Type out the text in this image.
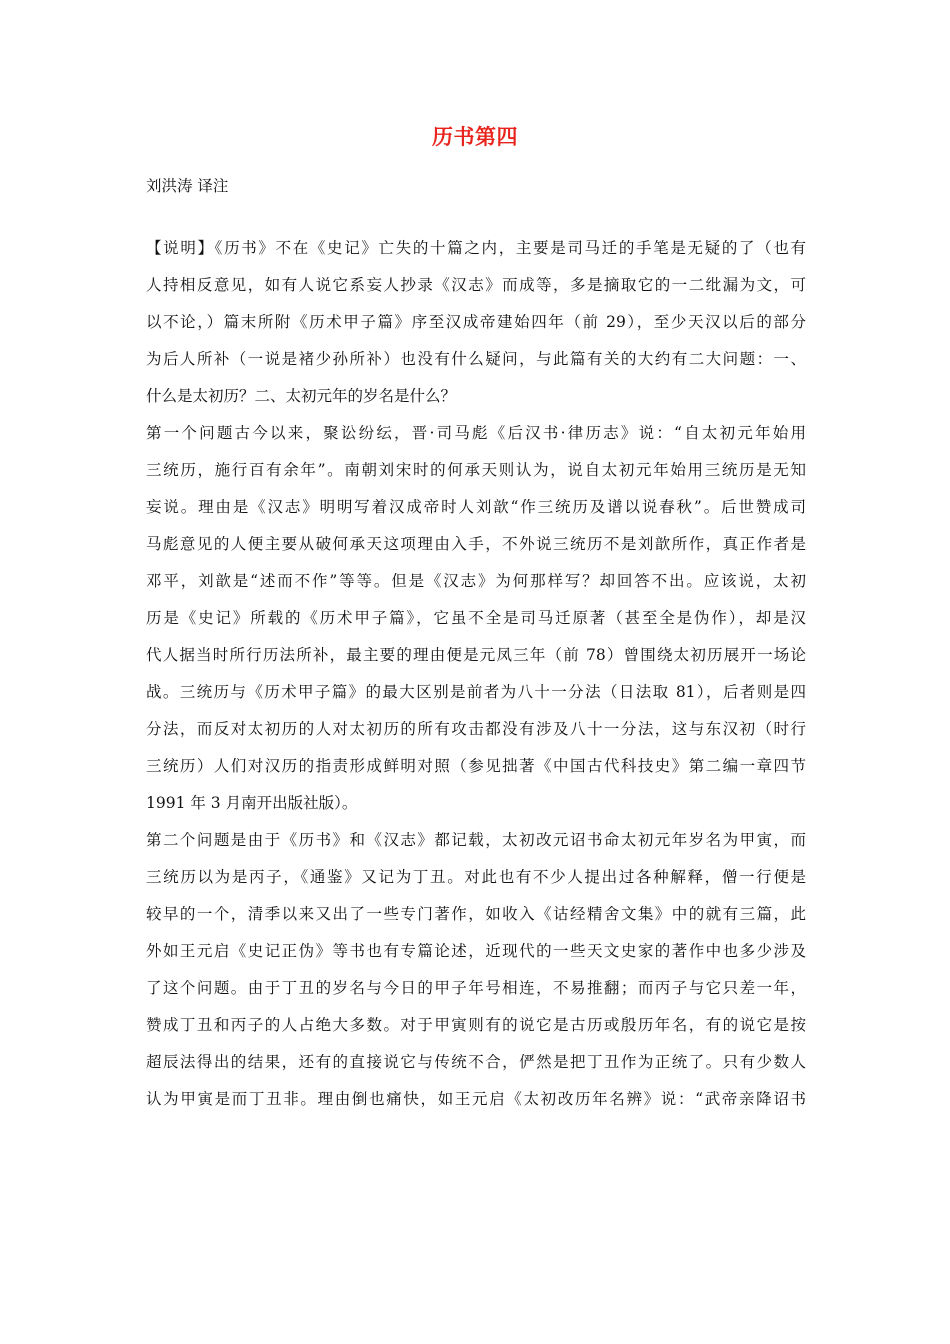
历书第四
刘洪涛 译注
【说明】《历书》不在《史记》亡失的十篇之内，主要是司马迁的手笔是无疑的了（也有
人持相反意见，如有人说它系妄人抄录《汉志》而成等，多是摘取它的一二纰漏为文，可
以不论，）篇末所附《历术甲子篇》序至汉成帝建始四年（前 29），至少天汉以后的部分
为后人所补（一说是褚少孙所补）也没有什么疑问，与此篇有关的大约有二大问题：一、
什么是太初历？二、太初元年的岁名是什么？
第一个问题古今以来，聚讼纷纭，晋·司马彪《后汉书·律历志》说：“自太初元年始用
三统历，施行百有余年”。南朝刘宋时的何承天则认为，说自太初元年始用三统历是无知
妄说。理由是《汉志》明明写着汉成帝时人刘歆“作三统历及谱以说春秋”。后世赞成司
马彪意见的人便主要从破何承天这项理由入手，不外说三统历不是刘歆所作，真正作者是
邓平，刘歆是“述而不作”等等。但是《汉志》为何那样写？却回答不出。应该说，太初
历是《史记》所载的《历术甲子篇》，它虽不全是司马迁原著（甚至全是伪作），却是汉
代人据当时所行历法所补，最主要的理由便是元凤三年（前 78）曾围绕太初历展开一场论
战。三统历与《历术甲子篇》的最大区别是前者为八十一分法（日法取 81），后者则是四
分法，而反对太初历的人对太初历的所有攻击都没有涉及八十一分法，这与东汉初（时行
三统历）人们对汉历的指责形成鲜明对照（参见拙著《中国古代科技史》第二编一章四节
1991 年 3 月南开出版社版）。
第二个问题是由于《历书》和《汉志》都记载，太初改元诏书命太初元年岁名为甲寅，而
三统历以为是丙子，《通鉴》又记为丁丑。对此也有不少人提出过各种解释，僧一行便是
较早的一个，清季以来又出了一些专门著作，如收入《诂经精舍文集》中的就有三篇，此
外如王元启《史记正伪》等书也有专篇论述，近现代的一些天文史家的著作中也多少涉及
了这个问题。由于丁丑的岁名与今日的甲子年号相连，不易推翻；而丙子与它只差一年，
赞成丁丑和丙子的人占绝大多数。对于甲寅则有的说它是古历或殷历年名，有的说它是按
超辰法得出的结果，还有的直接说它与传统不合，俨然是把丁丑作为正统了。只有少数人
认为甲寅是而丁丑非。理由倒也痛快，如王元启《太初改历年名辨》说：“武帝亲降诏书
